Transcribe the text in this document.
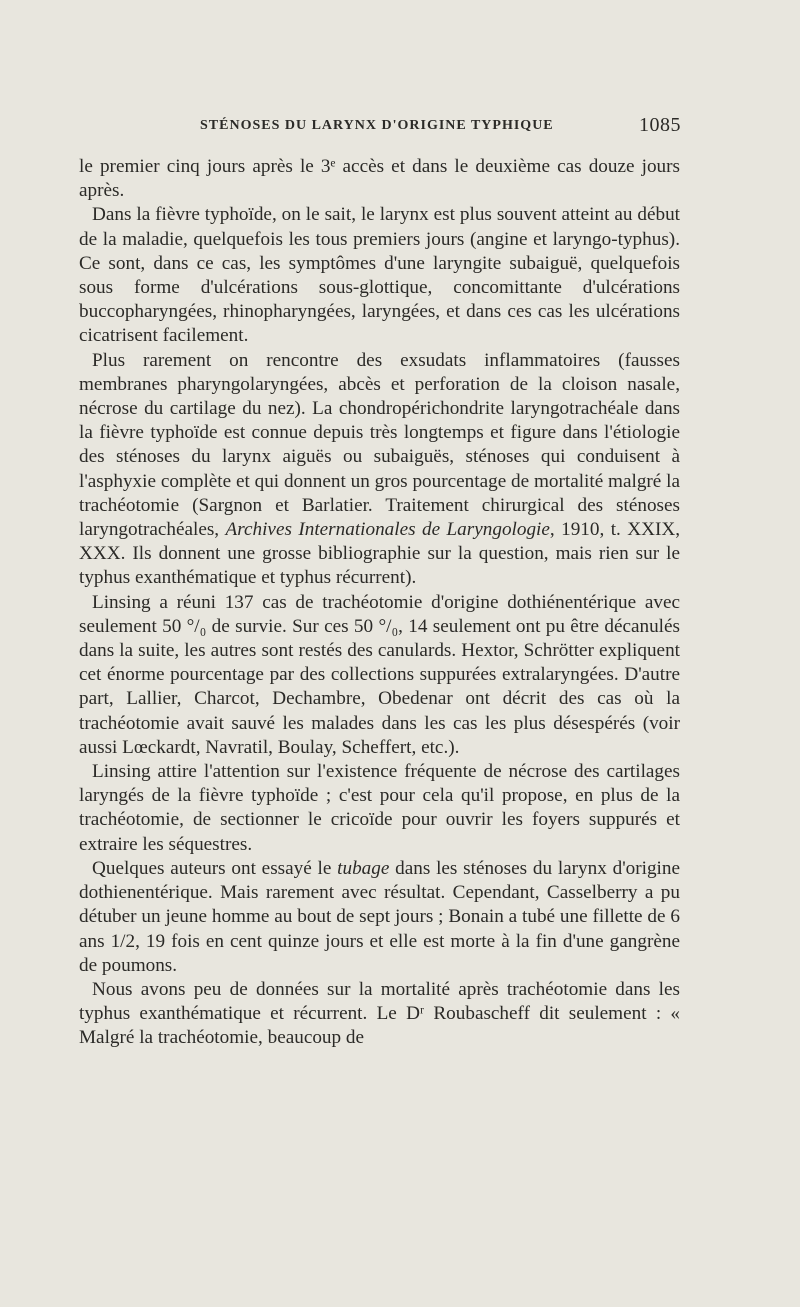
STÉNOSES DU LARYNX D'ORIGINE TYPHIQUE	1085

le premier cinq jours après le 3ᵉ accès et dans le deuxième cas douze jours après.

Dans la fièvre typhoïde, on le sait, le larynx est plus souvent atteint au début de la maladie, quelquefois les tous premiers jours (angine et laryngo-typhus). Ce sont, dans ce cas, les symptômes d'une laryngite subaiguë, quelquefois sous forme d'ulcérations sous-glottique, concomittante d'ulcérations buccopharyngées, rhinopharyngées, laryngées, et dans ces cas les ulcérations cicatrisent facilement.

Plus rarement on rencontre des exsudats inflammatoires (fausses membranes pharyngolaryngées, abcès et perforation de la cloison nasale, nécrose du cartilage du nez). La chondropérichondrite laryngotrachéale dans la fièvre typhoïde est connue depuis très longtemps et figure dans l'étiologie des sténoses du larynx aiguës ou subaiguës, sténoses qui conduisent à l'asphyxie complète et qui donnent un gros pourcentage de mortalité malgré la trachéotomie (Sargnon et Barlatier. Traitement chirurgical des sténoses laryngotrachéales, Archives Internationales de Laryngologie, 1910, t. XXIX, XXX. Ils donnent une grosse bibliographie sur la question, mais rien sur le typhus exanthématique et typhus récurrent).

Linsing a réuni 137 cas de trachéotomie d'origine dothiénentérique avec seulement 50 °/₀ de survie. Sur ces 50 °/₀, 14 seulement ont pu être décanulés dans la suite, les autres sont restés des canulards. Hextor, Schrötter expliquent cet énorme pourcentage par des collections suppurées extralaryngées. D'autre part, Lallier, Charcot, Dechambre, Obedenar ont décrit des cas où la trachéotomie avait sauvé les malades dans les cas les plus désespérés (voir aussi Lœckardt, Navratil, Boulay, Scheffert, etc.).

Linsing attire l'attention sur l'existence fréquente de nécrose des cartilages laryngés de la fièvre typhoïde ; c'est pour cela qu'il propose, en plus de la trachéotomie, de sectionner le cricoïde pour ouvrir les foyers suppurés et extraire les séquestres.

Quelques auteurs ont essayé le tubage dans les sténoses du larynx d'origine dothienentérique. Mais rarement avec résultat. Cependant, Casselberry a pu détuber un jeune homme au bout de sept jours ; Bonain a tubé une fillette de 6 ans 1/2, 19 fois en cent quinze jours et elle est morte à la fin d'une gangrène de poumons.

Nous avons peu de données sur la mortalité après trachéotomie dans les typhus exanthématique et récurrent. Le Dʳ Roubascheff dit seulement : « Malgré la trachéotomie, beaucoup de
